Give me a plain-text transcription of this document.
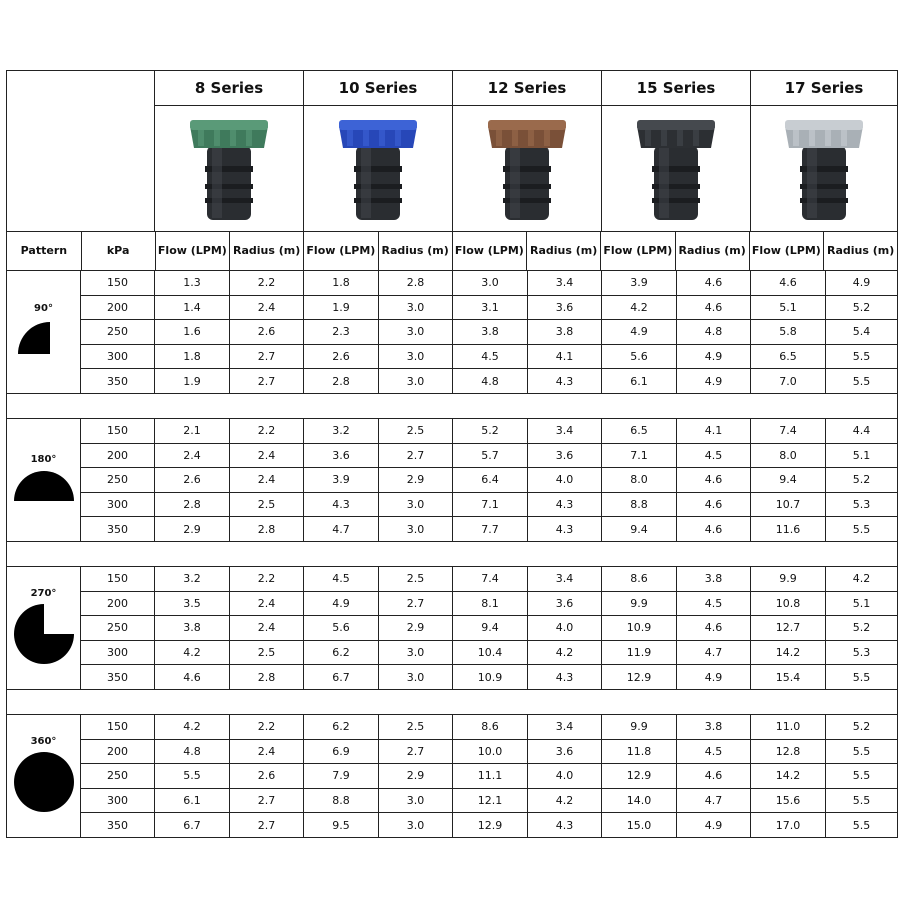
8 Series	10 Series	12 Series	15 Series	17 Series
Pattern	kPa	Flow (LPM) Radius (m) Flow (LPM) Radius (m) Flow (LPM) Radius (m) Flow (LPM) Radius (m) Flow (LPM) Radius (m)
90°
150	1.3	2.2	1.8	2.8	3.0	3.4	3.9	4.6	4.6	4.9
200	1.4	2.4	1.9	3.0	3.1	3.6	4.2	4.6	5.1	5.2
250	1.6	2.6	2.3	3.0	3.8	3.8	4.9	4.8	5.8	5.4
300	1.8	2.7	2.6	3.0	4.5	4.1	5.6	4.9	6.5	5.5
350	1.9	2.7	2.8	3.0	4.8	4.3	6.1	4.9	7.0	5.5
180°
150	2.1	2.2	3.2	2.5	5.2	3.4	6.5	4.1	7.4	4.4
200	2.4	2.4	3.6	2.7	5.7	3.6	7.1	4.5	8.0	5.1
250	2.6	2.4	3.9	2.9	6.4	4.0	8.0	4.6	9.4	5.2
300	2.8	2.5	4.3	3.0	7.1	4.3	8.8	4.6	10.7	5.3
350	2.9	2.8	4.7	3.0	7.7	4.3	9.4	4.6	11.6	5.5
270°
150	3.2	2.2	4.5	2.5	7.4	3.4	8.6	3.8	9.9	4.2
200	3.5	2.4	4.9	2.7	8.1	3.6	9.9	4.5	10.8	5.1
250	3.8	2.4	5.6	2.9	9.4	4.0	10.9	4.6	12.7	5.2
300	4.2	2.5	6.2	3.0	10.4	4.2	11.9	4.7	14.2	5.3
350	4.6	2.8	6.7	3.0	10.9	4.3	12.9	4.9	15.4	5.5
360°
150	4.2	2.2	6.2	2.5	8.6	3.4	9.9	3.8	11.0	5.2
200	4.8	2.4	6.9	2.7	10.0	3.6	11.8	4.5	12.8	5.5
250	5.5	2.6	7.9	2.9	11.1	4.0	12.9	4.6	14.2	5.5
300	6.1	2.7	8.8	3.0	12.1	4.2	14.0	4.7	15.6	5.5
350	6.7	2.7	9.5	3.0	12.9	4.3	15.0	4.9	17.0	5.5
